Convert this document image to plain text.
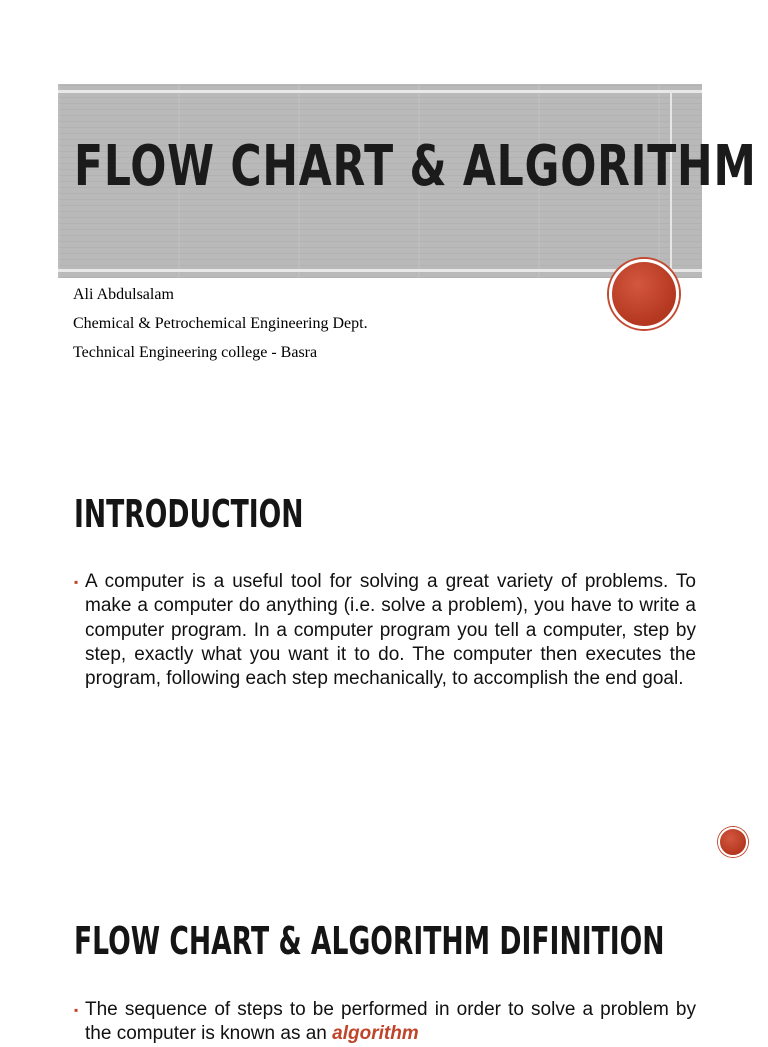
FLOW CHART & ALGORITHM
Ali Abdulsalam
Chemical & Petrochemical Engineering Dept.
Technical Engineering college - Basra
INTRODUCTION
▪ A computer is a useful tool for solving a great variety of problems. To make a computer do anything (i.e. solve a problem), you have to write a computer program. In a computer program you tell a computer, step by step, exactly what you want it to do. The computer then executes the program, following each step mechanically, to accomplish the end goal.
FLOW CHART & ALGORITHM DIFINITION
▪ The sequence of steps to be performed in order to solve a problem by the computer is known as an algorithm
